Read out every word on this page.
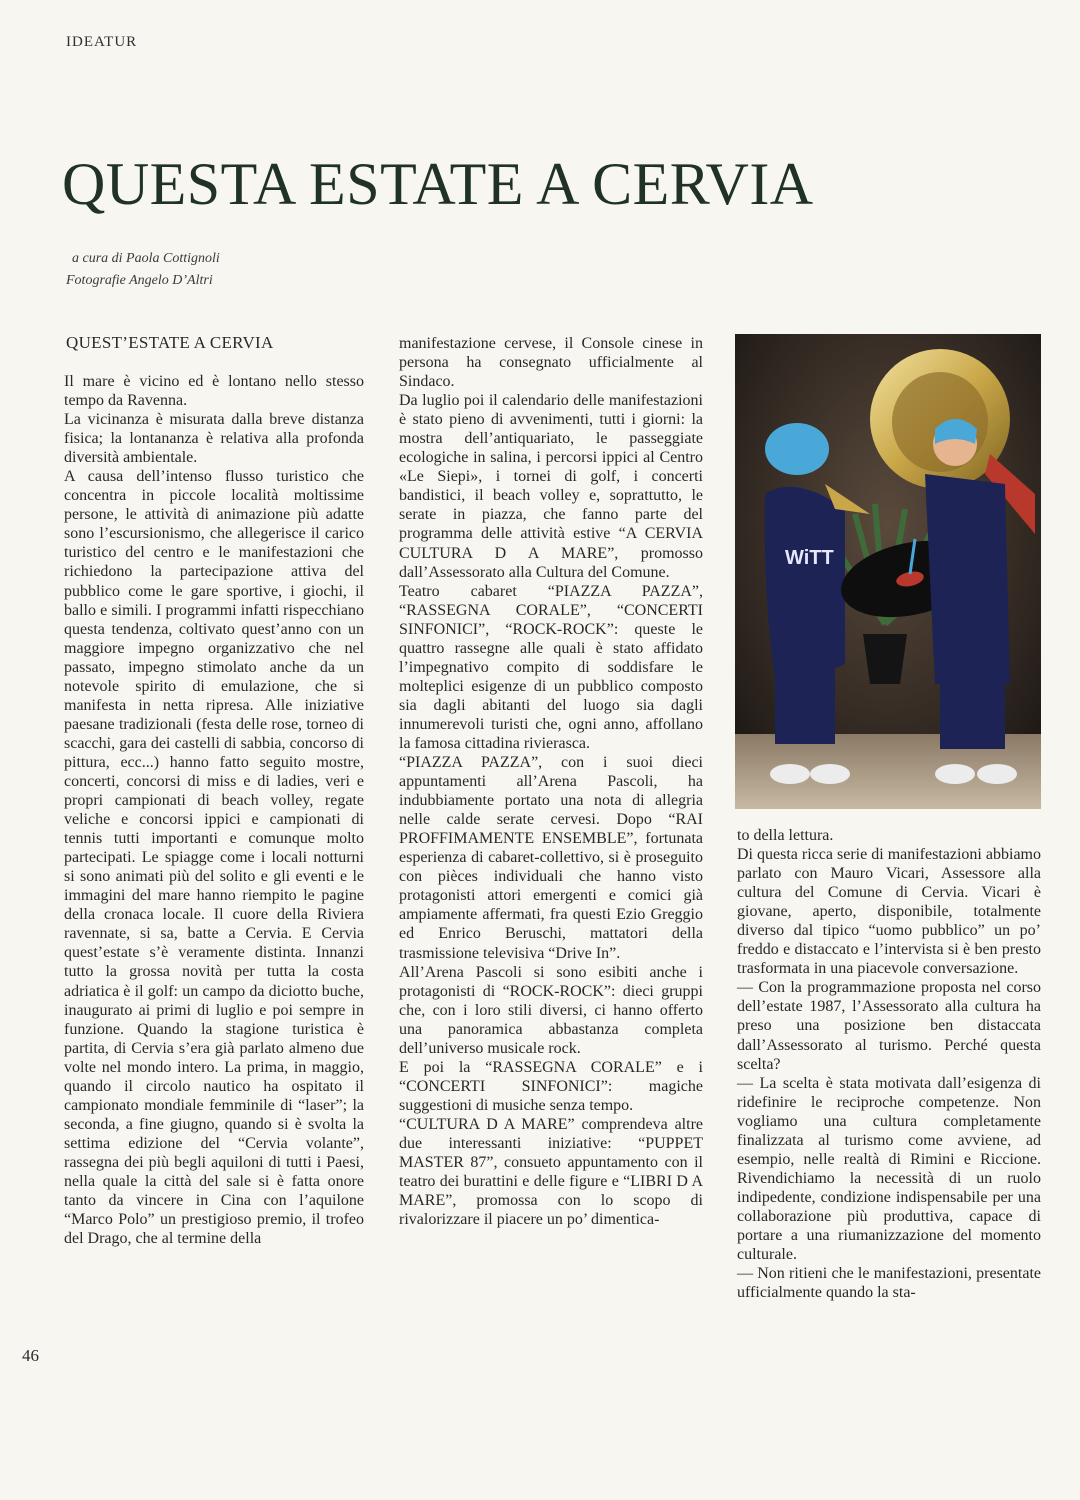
IDEATUR
QUESTA ESTATE A CERVIA
a cura di Paola Cottignoli
Fotografie Angelo D’Altri
QUEST’ESTATE A CERVIA

Il mare è vicino ed è lontano nello stesso tempo da Ravenna.

La vicinanza è misurata dalla breve distanza fisica; la lontananza è relativa alla profonda diversità ambientale.

A causa dell’intenso flusso turistico che concentra in piccole località moltissime persone, le attività di animazione più adatte sono l’escursionismo, che allegerisce il carico turistico del centro e le manifestazioni che richiedono la partecipazione attiva del pubblico come le gare sportive, i giochi, il ballo e simili. I programmi infatti rispecchiano questa tendenza, coltivato quest’anno con un maggiore impegno organizzativo che nel passato, impegno stimolato anche da un notevole spirito di emulazione, che si manifesta in netta ripresa. Alle iniziative paesane tradizionali (festa delle rose, torneo di scacchi, gara dei castelli di sabbia, concorso di pittura, ecc...) hanno fatto seguito mostre, concerti, concorsi di miss e di ladies, veri e propri campionati di beach volley, regate veliche e concorsi ippici e campionati di tennis tutti importanti e comunque molto partecipati. Le spiagge come i locali notturni si sono animati più del solito e gli eventi e le immagini del mare hanno riempito le pagine della cronaca locale. Il cuore della Riviera ravennate, si sa, batte a Cervia. E Cervia quest’estate s’è veramente distinta. Innanzi tutto la grossa novità per tutta la costa adriatica è il golf: un campo da diciotto buche, inaugurato ai primi di luglio e poi sempre in funzione. Quando la stagione turistica è partita, di Cervia s’era già parlato almeno due volte nel mondo intero. La prima, in maggio, quando il circolo nautico ha ospitato il campionato mondiale femminile di “laser”; la seconda, a fine giugno, quando si è svolta la settima edizione del “Cervia volante”, rassegna dei più begli aquiloni di tutti i Paesi, nella quale la città del sale si è fatta onore tanto da vincere in Cina con l’aquilone “Marco Polo” un prestigioso premio, il trofeo del Drago, che al termine della

manifestazione cervese, il Console cinese in persona ha consegnato ufficialmente al Sindaco.

Da luglio poi il calendario delle manifestazioni è stato pieno di avvenimenti, tutti i giorni: la mostra dell’antiquariato, le passeggiate ecologiche in salina, i percorsi ippici al Centro «Le Siepi», i tornei di golf, i concerti bandistici, il beach volley e, soprattutto, le serate in piazza, che fanno parte del programma delle attività estive “A CERVIA CULTURA D A MARE”, promosso dall’Assessorato alla Cultura del Comune.

Teatro cabaret “PIAZZA PAZZA”, “RASSEGNA CORALE”, “CONCERTI SINFONICI”, “ROCK-ROCK”: queste le quattro rassegne alle quali è stato affidato l’impegnativo compito di soddisfare le molteplici esigenze di un pubblico composto sia dagli abitanti del luogo sia dagli innumerevoli turisti che, ogni anno, affollano la famosa cittadina rivierasca.

“PIAZZA PAZZA”, con i suoi dieci appuntamenti all’Arena Pascoli, ha indubbiamente portato una nota di allegria nelle calde serate cervesi. Dopo “RAI PROFFIMAMENTE ENSEMBLE”, fortunata esperienza di cabaret-collettivo, si è proseguito con pièces individuali che hanno visto protagonisti attori emergenti e comici già ampiamente affermati, fra questi Ezio Greggio ed Enrico Beruschi, mattatori della trasmissione televisiva “Drive In”.

All’Arena Pascoli si sono esibiti anche i protagonisti di “ROCK-ROCK”: dieci gruppi che, con i loro stili diversi, ci hanno offerto una panoramica abbastanza completa dell’universo musicale rock.

E poi la “RASSEGNA CORALE” e i “CONCERTI SINFONICI”: magiche suggestioni di musiche senza tempo.

“CULTURA D A MARE” comprendeva altre due interessanti iniziative: “PUPPET MASTER 87”, consueto appuntamento con il teatro dei burattini e delle figure e “LIBRI D A MARE”, promossa con lo scopo di rivalorizzare il piacere un po’ dimentica-

WiTT

to della lettura.

Di questa ricca serie di manifestazioni abbiamo parlato con Mauro Vicari, Assessore alla cultura del Comune di Cervia. Vicari è giovane, aperto, disponibile, totalmente diverso dal tipico “uomo pubblico” un po’ freddo e distaccato e l’intervista si è ben presto trasformata in una piacevole conversazione.

— Con la programmazione proposta nel corso dell’estate 1987, l’Assessorato alla cultura ha preso una posizione ben distaccata dall’Assessorato al turismo. Perché questa scelta?

— La scelta è stata motivata dall’esigenza di ridefinire le reciproche competenze. Non vogliamo una cultura completamente finalizzata al turismo come avviene, ad esempio, nelle realtà di Rimini e Riccione. Rivendichiamo la necessità di un ruolo indipedente, condizione indispensabile per una collaborazione più produttiva, capace di portare a una riumanizzazione del momento culturale.

— Non ritieni che le manifestazioni, presentate ufficialmente quando la sta-

46
